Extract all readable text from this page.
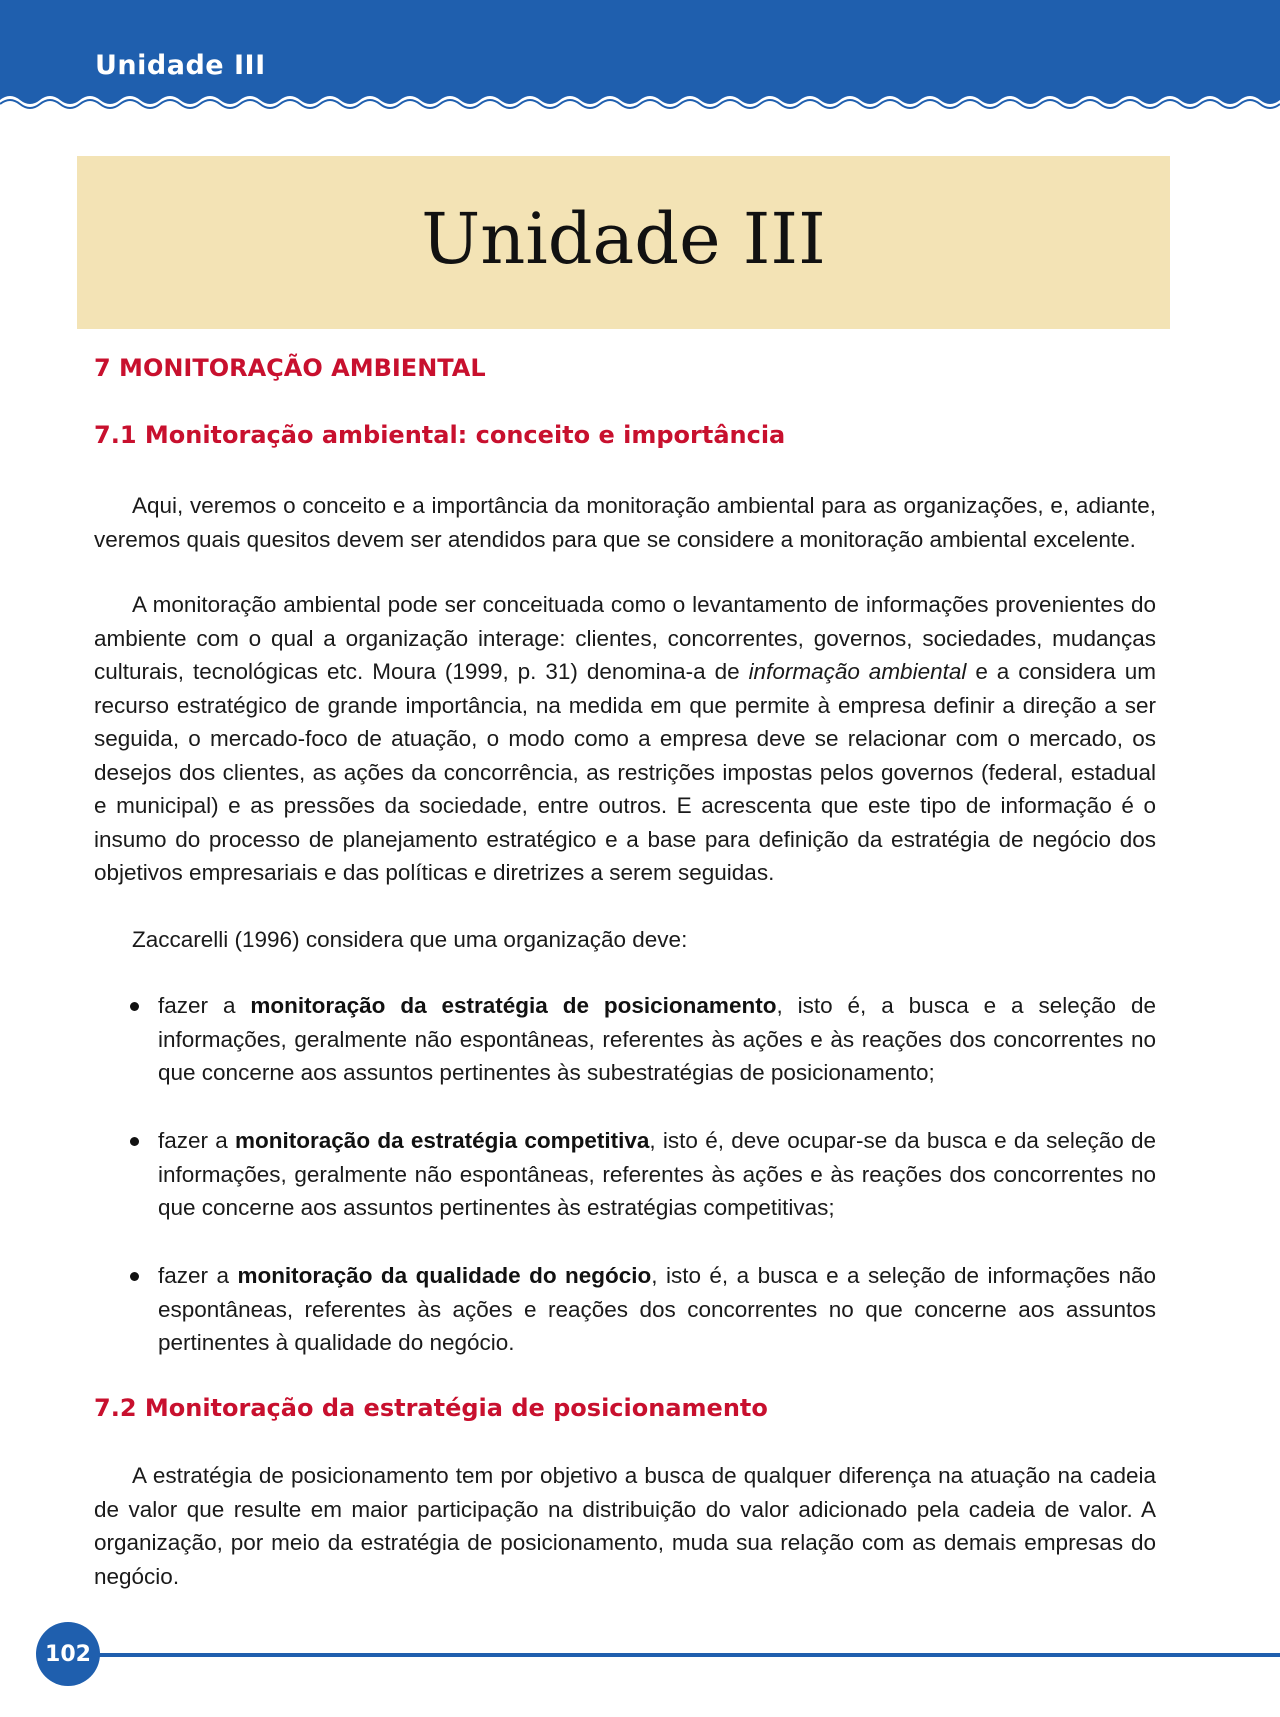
Unidade III
Unidade III
7 MONITORAÇÃO AMBIENTAL
7.1 Monitoração ambiental: conceito e importância

Aqui, veremos o conceito e a importância da monitoração ambiental para as organizações, e, adiante, veremos quais quesitos devem ser atendidos para que se considere a monitoração ambiental excelente.

A monitoração ambiental pode ser conceituada como o levantamento de informações provenientes do ambiente com o qual a organização interage: clientes, concorrentes, governos, sociedades, mudanças culturais, tecnológicas etc. Moura (1999, p. 31) denomina-a de informação ambiental e a considera um recurso estratégico de grande importância, na medida em que permite à empresa definir a direção a ser seguida, o mercado-foco de atuação, o modo como a empresa deve se relacionar com o mercado, os desejos dos clientes, as ações da concorrência, as restrições impostas pelos governos (federal, estadual e municipal) e as pressões da sociedade, entre outros. E acrescenta que este tipo de informação é o insumo do processo de planejamento estratégico e a base para definição da estratégia de negócio dos objetivos empresariais e das políticas e diretrizes a serem seguidas.

Zaccarelli (1996) considera que uma organização deve:

fazer a monitoração da estratégia de posicionamento, isto é, a busca e a seleção de informações, geralmente não espontâneas, referentes às ações e às reações dos concorrentes no que concerne aos assuntos pertinentes às subestratégias de posicionamento;
fazer a monitoração da estratégia competitiva, isto é, deve ocupar-se da busca e da seleção de informações, geralmente não espontâneas, referentes às ações e às reações dos concorrentes no que concerne aos assuntos pertinentes às estratégias competitivas;
fazer a monitoração da qualidade do negócio, isto é, a busca e a seleção de informações não espontâneas, referentes às ações e reações dos concorrentes no que concerne aos assuntos pertinentes à qualidade do negócio.
7.2 Monitoração da estratégia de posicionamento

A estratégia de posicionamento tem por objetivo a busca de qualquer diferença na atuação na cadeia de valor que resulte em maior participação na distribuição do valor adicionado pela cadeia de valor. A organização, por meio da estratégia de posicionamento, muda sua relação com as demais empresas do negócio.

102
